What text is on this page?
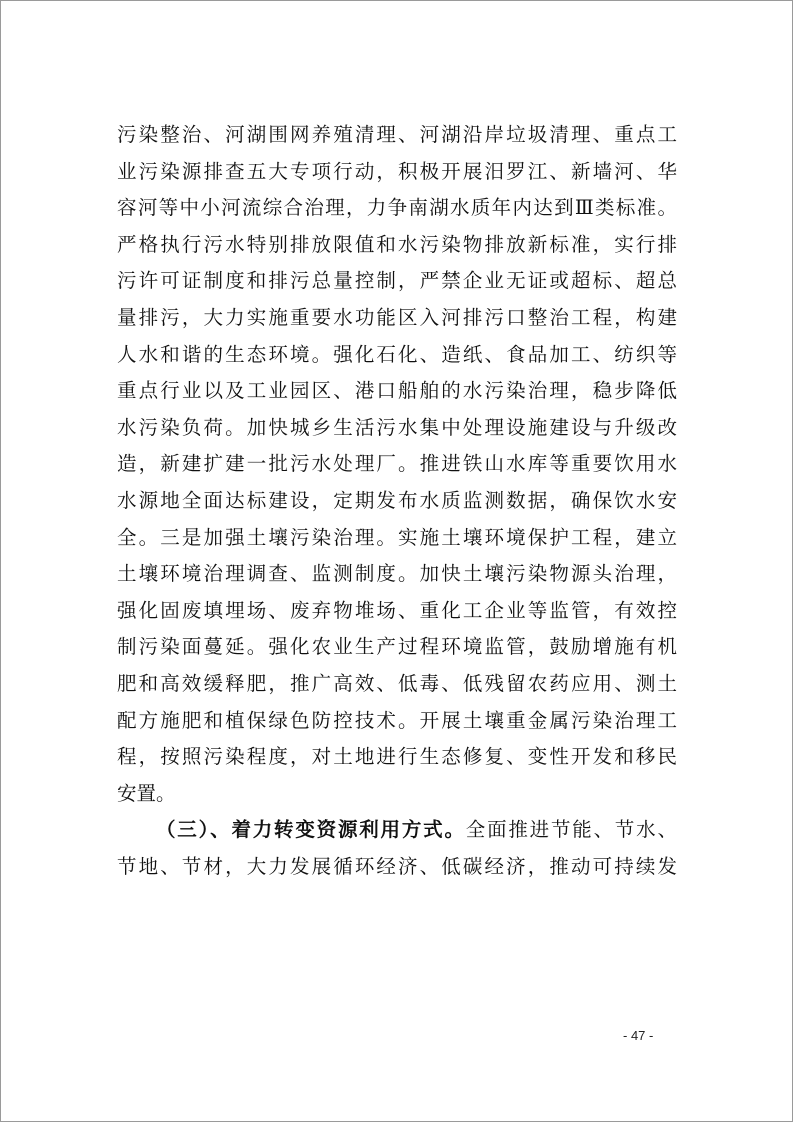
污染整治、河湖围网养殖清理、河湖沿岸垃圾清理、重点工
业污染源排查五大专项行动，积极开展汨罗江、新墙河、华
容河等中小河流综合治理，力争南湖水质年内达到Ⅲ类标准。
严格执行污水特别排放限值和水污染物排放新标准，实行排
污许可证制度和排污总量控制，严禁企业无证或超标、超总
量排污，大力实施重要水功能区入河排污口整治工程，构建
人水和谐的生态环境。强化石化、造纸、食品加工、纺织等
重点行业以及工业园区、港口船舶的水污染治理，稳步降低
水污染负荷。加快城乡生活污水集中处理设施建设与升级改
造，新建扩建一批污水处理厂。推进铁山水库等重要饮用水
水源地全面达标建设，定期发布水质监测数据，确保饮水安
全。三是加强土壤污染治理。实施土壤环境保护工程，建立
土壤环境治理调查、监测制度。加快土壤污染物源头治理，
强化固废填埋场、废弃物堆场、重化工企业等监管，有效控
制污染面蔓延。强化农业生产过程环境监管，鼓励增施有机
肥和高效缓释肥，推广高效、低毒、低残留农药应用、测土
配方施肥和植保绿色防控技术。开展土壤重金属污染治理工
程，按照污染程度，对土地进行生态修复、变性开发和移民
安置。
（三）、着力转变资源利用方式。全面推进节能、节水、
节地、节材，大力发展循环经济、低碳经济，推动可持续发
- 47 -
